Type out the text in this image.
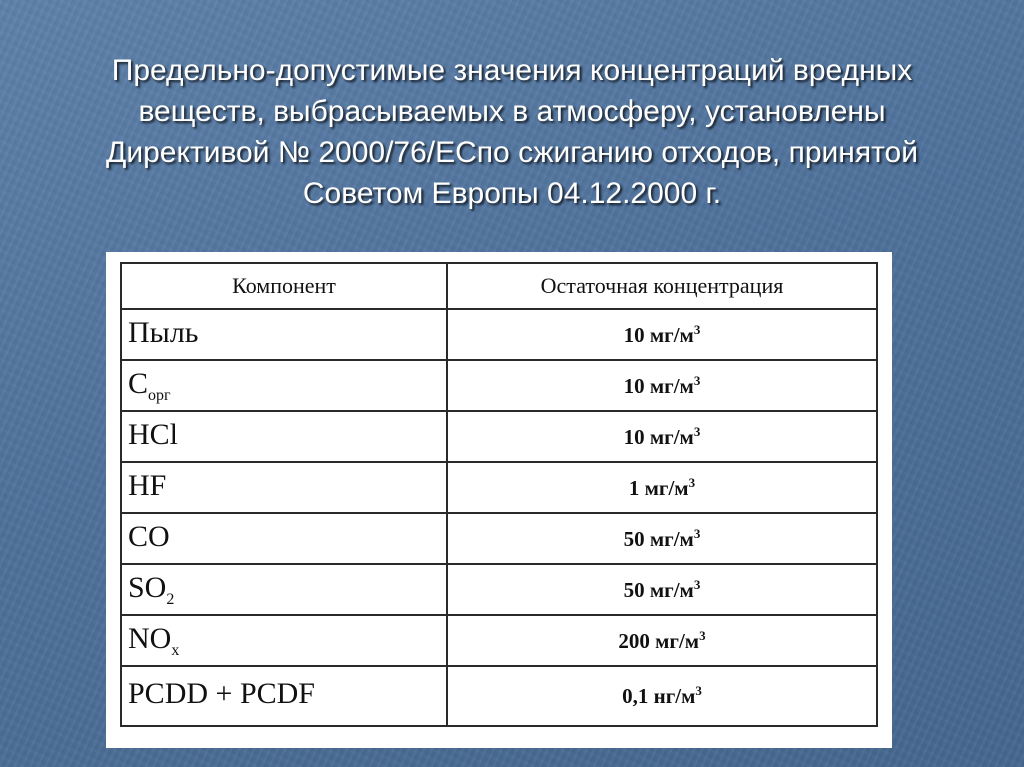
Предельно-допустимые значения концентраций вредных
веществ, выбрасываемых в атмосферу, установлены
Директивой № 2000/76/ЕСпо сжиганию отходов, принятой
Советом Европы 04.12.2000 г.
Компонент	Остаточная концентрация
Пыль	10 $мг/м^3$
$С_{орг}$	10 $мг/м^3$
HCl	10 $мг/м^3$
HF	1 $мг/м^3$
CO	50 $мг/м^3$
$SO_2$	50 $мг/м^3$
$NO_x$	200 $мг/м^3$
PCDD + PCDF	0,1 $нг/м^3$
